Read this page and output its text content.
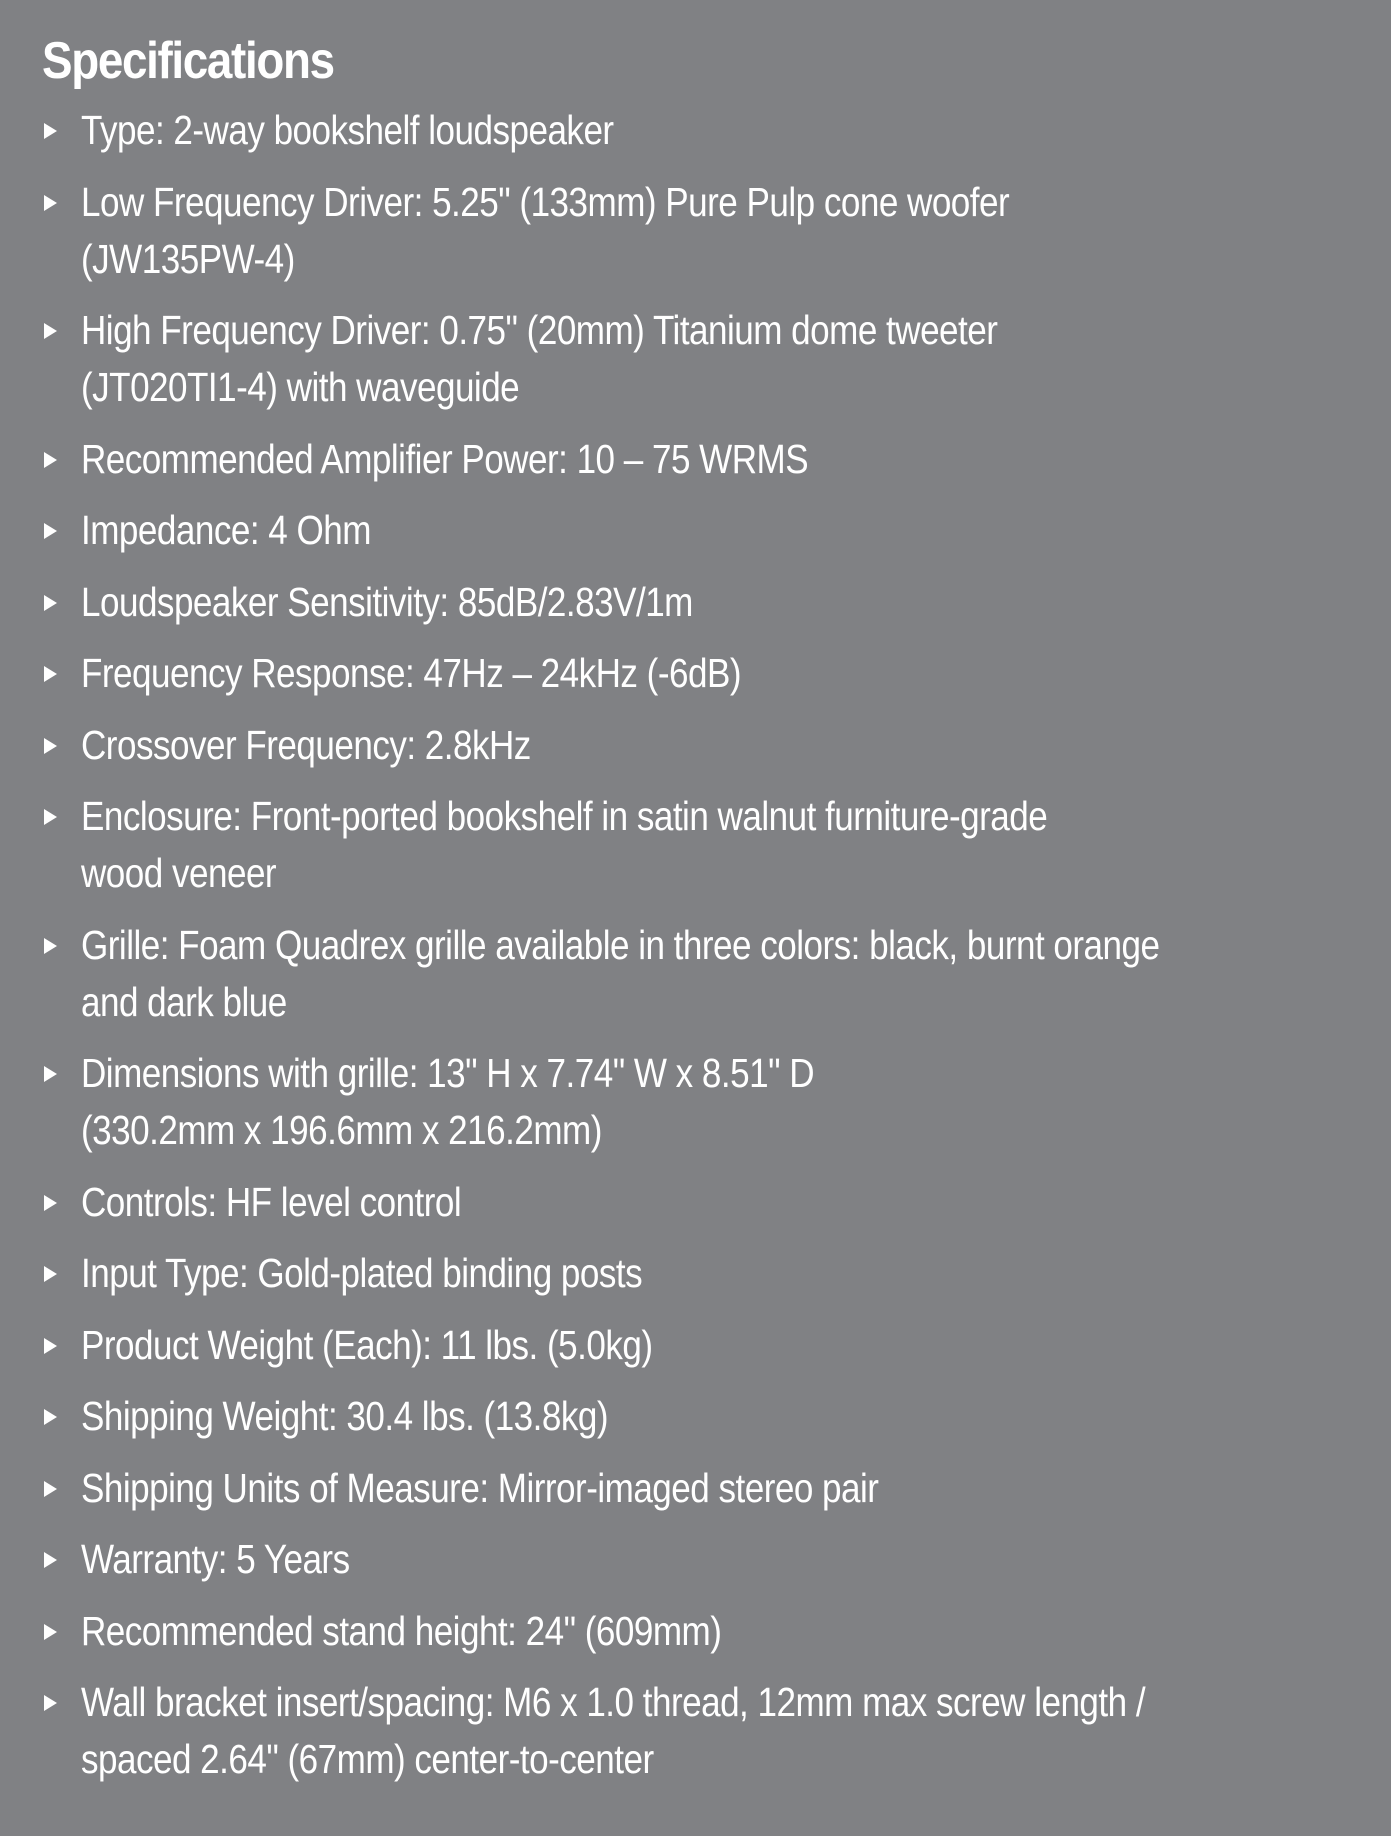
Specifications
Type: 2-way bookshelf loudspeaker
Low Frequency Driver: 5.25" (133mm) Pure Pulp cone woofer
(JW135PW-4)
High Frequency Driver: 0.75" (20mm) Titanium dome tweeter
(JT020TI1-4) with waveguide
Recommended Amplifier Power: 10 – 75 WRMS
Impedance: 4 Ohm
Loudspeaker Sensitivity: 85dB/2.83V/1m
Frequency Response: 47Hz – 24kHz (-6dB)
Crossover Frequency: 2.8kHz
Enclosure: Front-ported bookshelf in satin walnut furniture-grade
wood veneer
Grille: Foam Quadrex grille available in three colors: black, burnt orange
and dark blue
Dimensions with grille: 13" H x 7.74" W x 8.51" D
(330.2mm x 196.6mm x 216.2mm)
Controls: HF level control
Input Type: Gold-plated binding posts
Product Weight (Each): 11 lbs. (5.0kg)
Shipping Weight: 30.4 lbs. (13.8kg)
Shipping Units of Measure: Mirror-imaged stereo pair
Warranty: 5 Years
Recommended stand height: 24" (609mm)
Wall bracket insert/spacing: M6 x 1.0 thread, 12mm max screw length /
spaced 2.64" (67mm) center-to-center
